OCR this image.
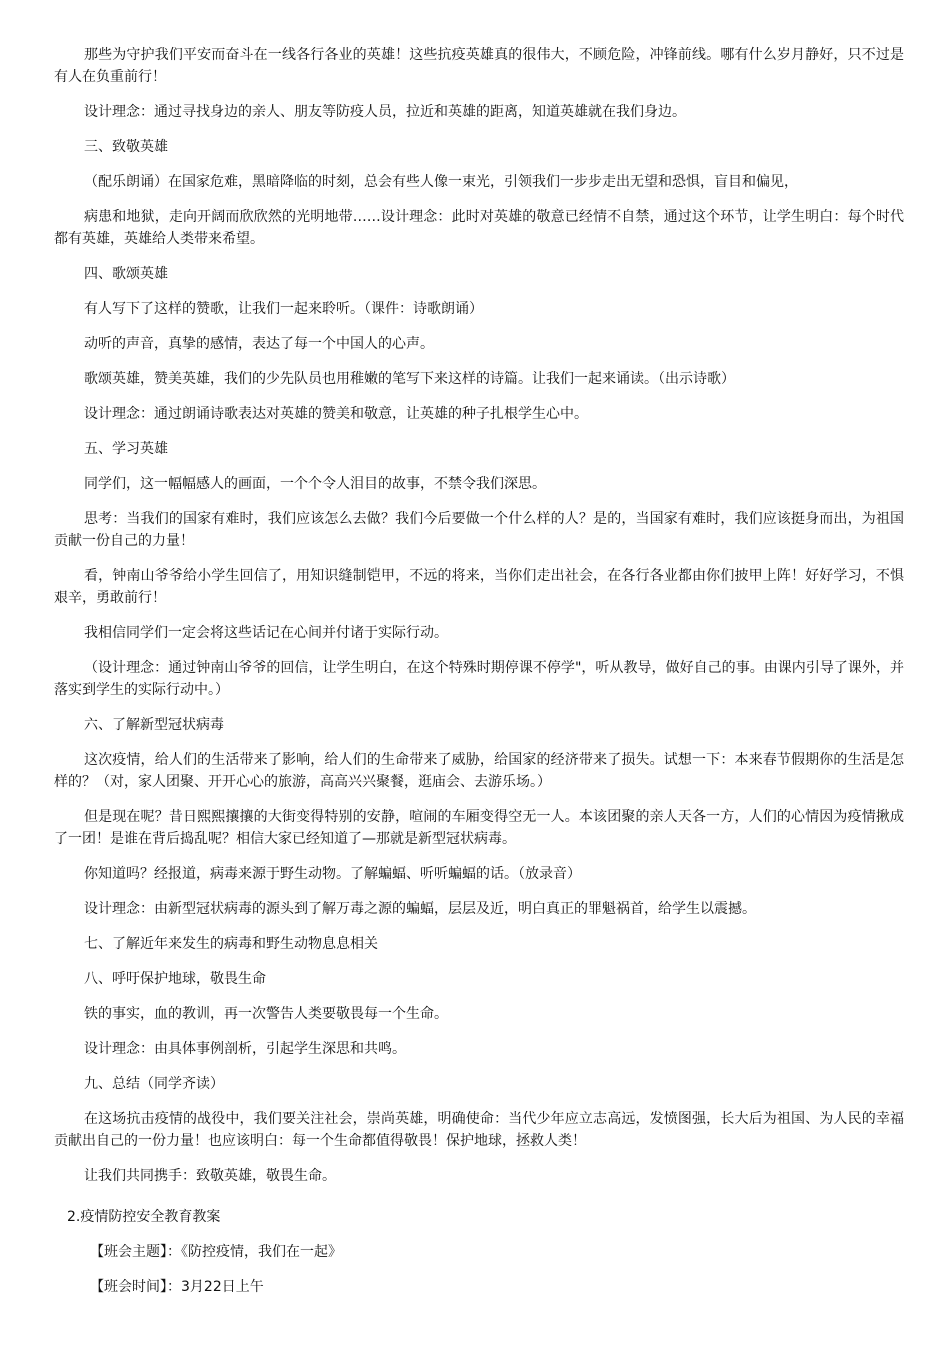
那些为守护我们平安而奋斗在一线各行各业的英雄！这些抗疫英雄真的很伟大，不顾危险，冲锋前线。哪有什么岁月静好，只不过是有人在负重前行！

设计理念：通过寻找身边的亲人、朋友等防疫人员，拉近和英雄的距离，知道英雄就在我们身边。

三、致敬英雄

（配乐朗诵）在国家危难，黑暗降临的时刻，总会有些人像一束光，引领我们一步步走出无望和恐惧，盲目和偏见，

病患和地狱，走向开阔而欣欣然的光明地带……设计理念：此时对英雄的敬意已经情不自禁，通过这个环节，让学生明白：每个时代都有英雄，英雄给人类带来希望。

四、歌颂英雄

有人写下了这样的赞歌，让我们一起来聆听。（课件：诗歌朗诵）

动听的声音，真挚的感情，表达了每一个中国人的心声。

歌颂英雄，赞美英雄，我们的少先队员也用稚嫩的笔写下来这样的诗篇。让我们一起来诵读。（出示诗歌）

设计理念：通过朗诵诗歌表达对英雄的赞美和敬意，让英雄的种子扎根学生心中。

五、学习英雄

同学们，这一幅幅感人的画面，一个个令人泪目的故事，不禁令我们深思。

思考：当我们的国家有难时，我们应该怎么去做？我们今后要做一个什么样的人？是的，当国家有难时，我们应该挺身而出，为祖国贡献一份自己的力量！

看，钟南山爷爷给小学生回信了，用知识缝制铠甲，不远的将来，当你们走出社会，在各行各业都由你们披甲上阵！好好学习，不惧艰辛，勇敢前行！

我相信同学们一定会将这些话记在心间并付诸于实际行动。

（设计理念：通过钟南山爷爷的回信，让学生明白，在这个特殊时期停课不停学"，听从教导，做好自己的事。由课内引导了课外，并落实到学生的实际行动中。）

六、了解新型冠状病毒

这次疫情，给人们的生活带来了影响，给人们的生命带来了威胁，给国家的经济带来了损失。试想一下：本来春节假期你的生活是怎样的？（对，家人团聚、开开心心的旅游，高高兴兴聚餐，逛庙会、去游乐场。）

但是现在呢？昔日熙熙攘攘的大街变得特别的安静，喧闹的车厢变得空无一人。本该团聚的亲人天各一方，人们的心情因为疫情揪成了一团！是谁在背后捣乱呢？相信大家已经知道了—那就是新型冠状病毒。

你知道吗？经报道，病毒来源于野生动物。了解蝙蝠、听听蝙蝠的话。（放录音）

设计理念：由新型冠状病毒的源头到了解万毒之源的蝙蝠，层层及近，明白真正的罪魁祸首，给学生以震撼。

七、了解近年来发生的病毒和野生动物息息相关

八、呼吁保护地球，敬畏生命

铁的事实，血的教训，再一次警告人类要敬畏每一个生命。

设计理念：由具体事例剖析，引起学生深思和共鸣。

九、总结（同学齐读）

在这场抗击疫情的战役中，我们要关注社会，崇尚英雄，明确使命：当代少年应立志高远，发愤图强，长大后为祖国、为人民的幸福贡献出自己的一份力量！也应该明白：每一个生命都值得敬畏！保护地球，拯救人类！

让我们共同携手：致敬英雄，敬畏生命。

2.疫情防控安全教育教案

【班会主题】：《防控疫情，我们在一起》

【班会时间】：3月22日上午
